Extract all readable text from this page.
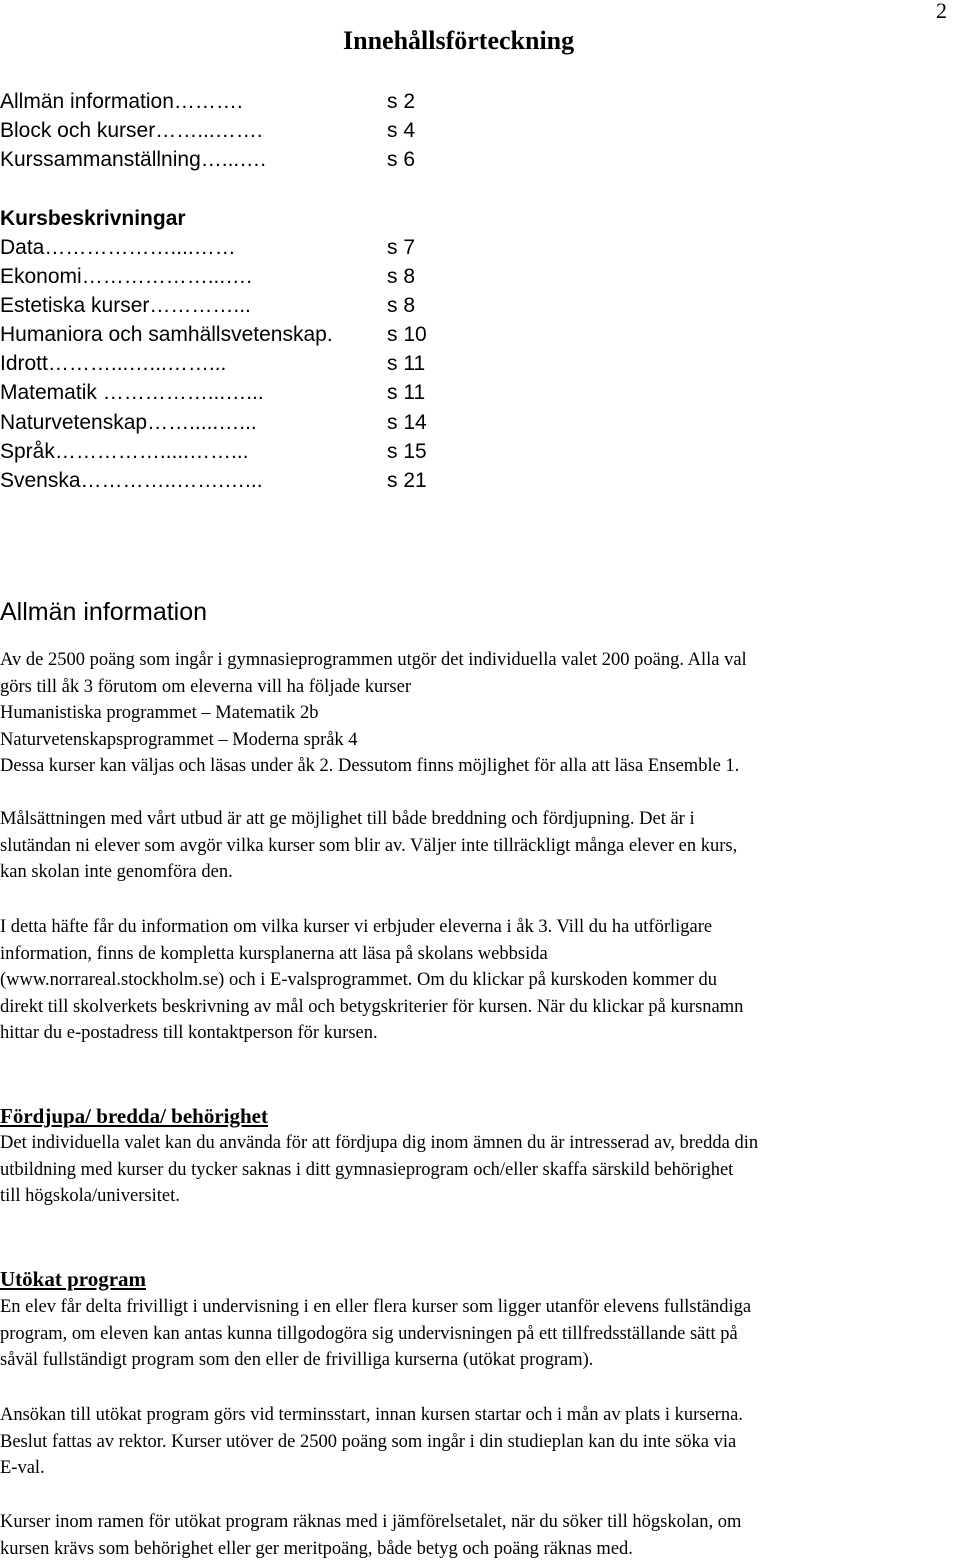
2
Innehållsförteckning
Allmän information……….	s 2
Block och kurser……...…….	s 4
Kurssammanställning…...….	s 6
Kursbeskrivningar
Data………………....……	s 7
Ekonomi………………...….	s 8
Estetiska kurser…………...	s 8
Humaniora och samhällsvetenskap.	s 10
Idrott………...…...……...	s 11
Matematik ……………...…...	s 11
Naturvetenskap…….....…...	s 14
Språk…………….....……...	s 15
Svenska…………..…….…...	s 21
Allmän information

Av de 2500 poäng som ingår i gymnasieprogrammen utgör det individuella valet 200 poäng. Alla val
görs till åk 3 förutom om eleverna vill ha följade kurser
Humanistiska programmet – Matematik 2b
Naturvetenskapsprogrammet – Moderna språk 4
Dessa kurser kan väljas och läsas under åk 2. Dessutom finns möjlighet för alla att läsa Ensemble 1.

Målsättningen med vårt utbud är att ge möjlighet till både breddning och fördjupning. Det är i
slutändan ni elever som avgör vilka kurser som blir av. Väljer inte tillräckligt många elever en kurs,
kan skolan inte genomföra den.

I detta häfte får du information om vilka kurser vi erbjuder eleverna i åk 3. Vill du ha utförligare
information, finns de kompletta kursplanerna att läsa på skolans webbsida
(www.norrareal.stockholm.se) och i E-valsprogrammet. Om du klickar på kurskoden kommer du
direkt till skolverkets beskrivning av mål och betygskriterier för kursen. När du klickar på kursnamn
hittar du e-postadress till kontaktperson för kursen.

Fördjupa/ bredda/ behörighet

Det individuella valet kan du använda för att fördjupa dig inom ämnen du är intresserad av, bredda din
utbildning med kurser du tycker saknas i ditt gymnasieprogram och/eller skaffa särskild behörighet
till högskola/universitet.

Utökat program

En elev får delta frivilligt i undervisning i en eller flera kurser som ligger utanför elevens fullständiga
program, om eleven kan antas kunna tillgodogöra sig undervisningen på ett tillfredsställande sätt på
såväl fullständigt program som den eller de frivilliga kurserna (utökat program).

Ansökan till utökat program görs vid terminsstart, innan kursen startar och i mån av plats i kurserna.
Beslut fattas av rektor. Kurser utöver de 2500 poäng som ingår i din studieplan kan du inte söka via
E-val.

Kurser inom ramen för utökat program räknas med i jämförelsetalet, när du söker till högskolan, om
kursen krävs som behörighet eller ger meritpoäng, både betyg och poäng räknas med.
